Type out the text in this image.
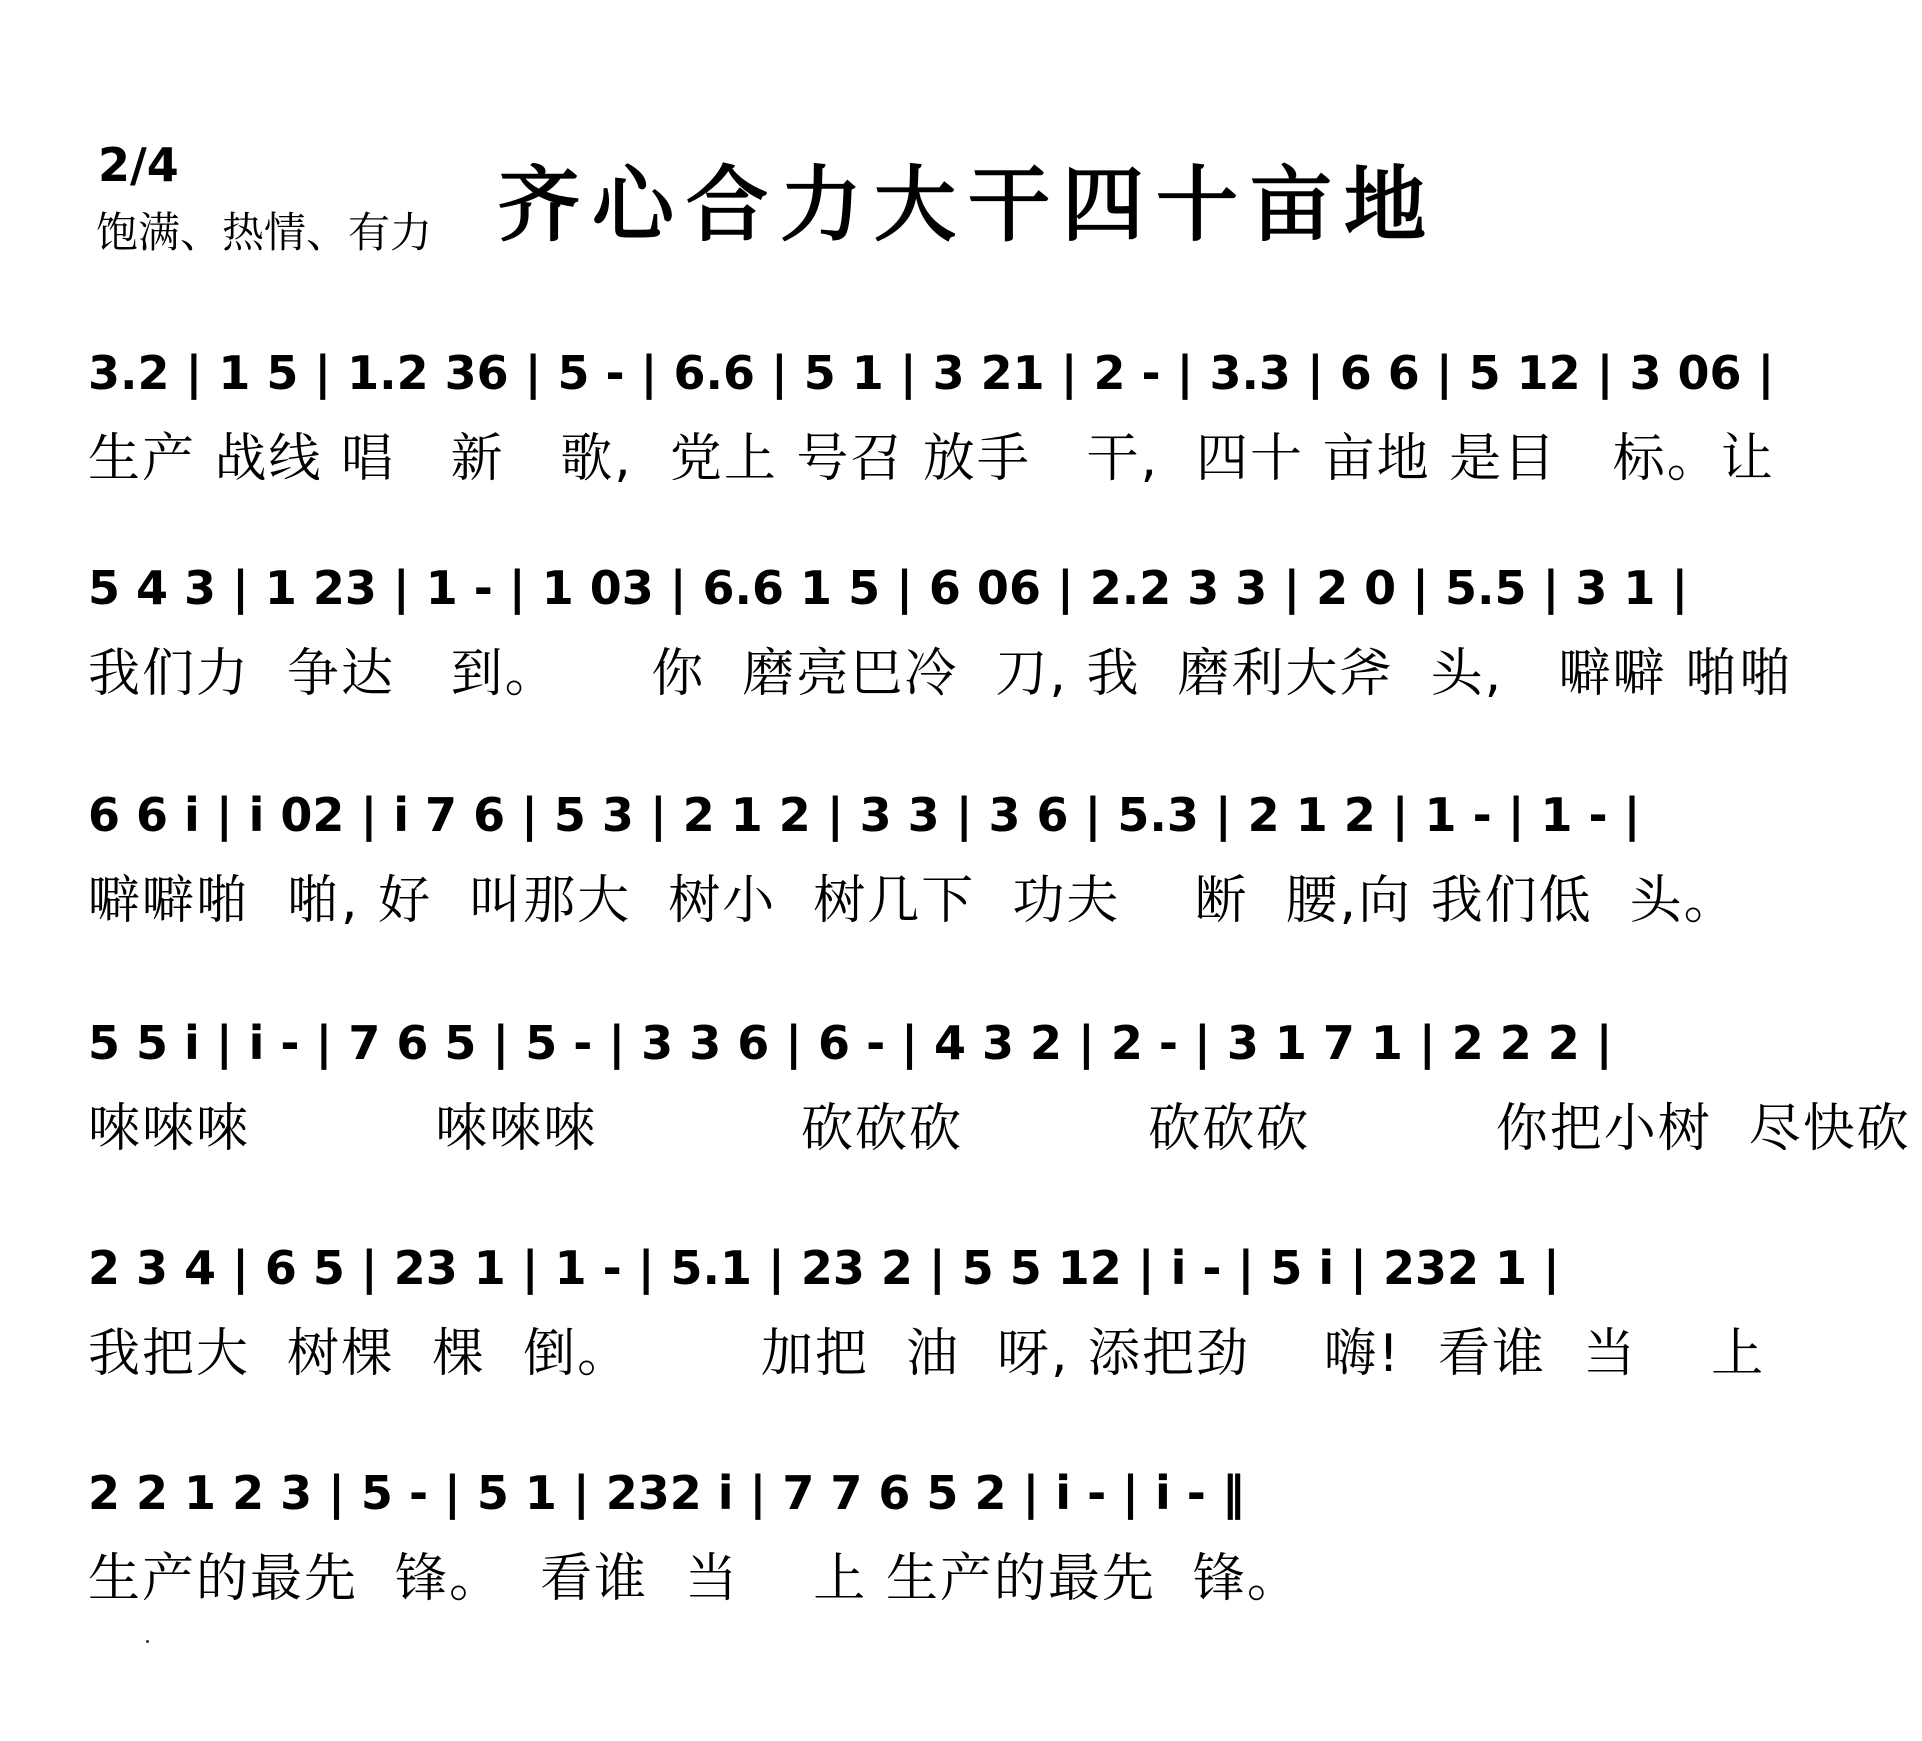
2/4
饱满、热情、有力 齐心合力大干四十亩地
3.2 | 1 5 | 1.2 36 | 5 - | 6.6 | 5 1 | 3 21 | 2 - | 3.3 | 6 6 | 5 12 | 3 06 |
生产 战线 唱   新   歌,  党上 号召 放手   干,  四十 亩地 是目   标。让
5 4 3 | 1 23 | 1 - | 1 03 | 6.6 1 5 | 6 06 | 2.2 3 3 | 2 0 | 5.5 | 3 1 |
我们力  争达   到。     你  磨亮巴冷  刀, 我  磨利大斧  头,   噼噼 啪啪
6 6 i | i 02 | i 7 6 | 5 3 | 2 1 2 | 3 3 | 3 6 | 5.3 | 2 1 2 | 1 - | 1 - |
噼噼啪  啪, 好  叫那大  树小  树几下  功夫    断  腰,向 我们低  头。
5 5 i | i - | 7 6 5 | 5 - | 3 3 6 | 6 - | 4 3 2 | 2 - | 3 1 7 1 | 2 2 2 |
唻唻唻          唻唻唻           砍砍砍          砍砍砍          你把小树  尽快砍
2 3 4 | 6 5 | 23 1 | 1 - | 5.1 | 23 2 | 5 5 12 | i - | 5 i | 232 1 |
我把大  树棵  棵  倒。       加把  油  呀, 添把劲    嗨!  看谁  当    上
2 2 1 2 3 | 5 - | 5 1 | 232 i | 7 7 6 5 2 | i - | i - ‖
生产的最先  锋。  看谁  当    上 生产的最先  锋。
